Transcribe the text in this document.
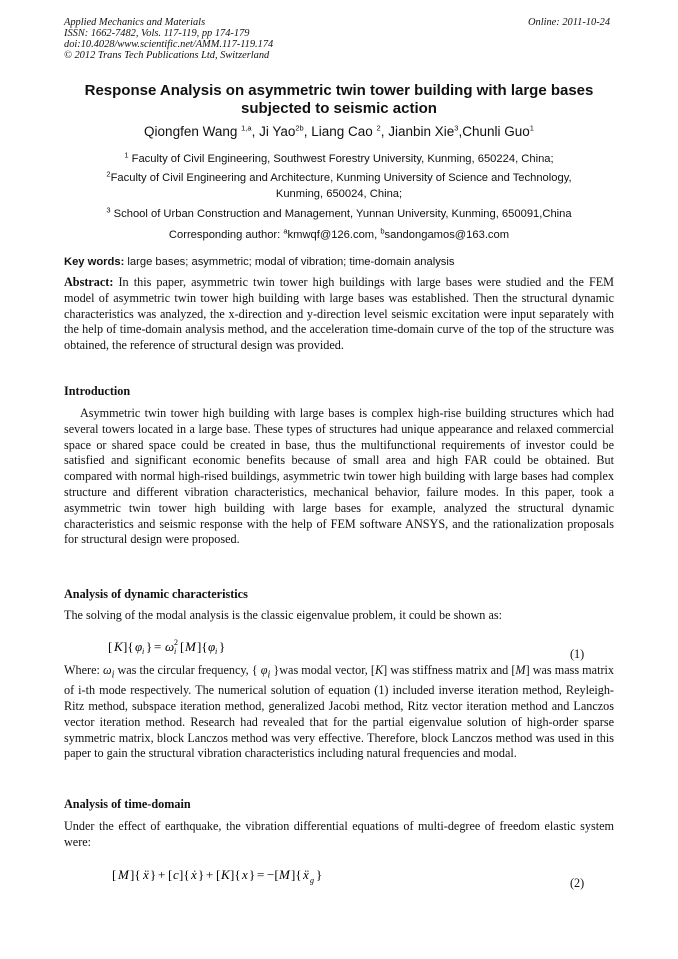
Applied Mechanics and Materials	Online: 2011-10-24
ISSN: 1662-7482, Vols. 117-119, pp 174-179
doi:10.4028/www.scientific.net/AMM.117-119.174
© 2012 Trans Tech Publications Ltd, Switzerland
Response Analysis on asymmetric twin tower building with large bases
subjected to seismic action
Qiongfen Wang $^{1,a}$, Ji Yao$^{2b}$, Liang Cao $^2$, Jianbin Xie$^3$,Chunli Guo$^1$
$^1$ Faculty of Civil Engineering, Southwest Forestry University, Kunming, 650224, China;
$^2$Faculty of Civil Engineering and Architecture, Kunming University of Science and Technology,
Kunming, 650024, China;
$^3$ School of Urban Construction and Management, Yunnan University, Kunming, 650091,China
Corresponding author: $^a$kmwqf@126.com, $^b$sandongamos@163.com
Key words: large bases; asymmetric; modal of vibration; time-domain analysis
Abstract: In this paper, asymmetric twin tower high buildings with large bases were studied and the FEM model of asymmetric twin tower high building with large bases was established. Then the structural dynamic characteristics was analyzed, the x-direction and y-direction level seismic excitation were input separately with the help of time-domain analysis method, and the acceleration time-domain curve of the top of the structure was obtained, the reference of structural design was provided.
Introduction
Asymmetric twin tower high building with large bases is complex high-rise building structures which had several towers located in a large base. These types of structures had unique appearance and relaxed commercial space or shared space could be created in base, thus the multifunctional requirements of investor could be satisfied and significant economic benefits because of small area and high FAR could be obtained. But compared with normal high-rised buildings, asymmetric twin tower high building with large bases had complex structure and different vibration characteristics, mechanical behavior, failure modes. In this paper, took a asymmetric twin tower high building with large bases for example, analyzed the structural dynamic characteristics and seismic response with the help of FEM software ANSYS, and the rationalization proposals for structural design were proposed.
Analysis of dynamic characteristics
The solving of the modal analysis is the classic eigenvalue problem, it could be shown as:
[ K ]{ φ i } = ω 2
i [ M ]{ φ i }	(1)
Where: $\omega_i$ was the circular frequency, { $\varphi_i$ }was modal vector, [K] was stiffness matrix and [M] was mass matrix of i-th mode respectively. The numerical solution of equation (1) included inverse iteration method, Reyleigh-Ritz method, subspace iteration method, generalized Jacobi method, Ritz vector iteration method and Lanczos vector iteration method. Research had revealed that for the partial eigenvalue solution of high-order sparse symmetric matrix, block Lanczos method was very effective. Therefore, block Lanczos method was used in this paper to gain the structural vibration characteristics including natural frequencies and modal.
Analysis of time-domain
Under the effect of earthquake, the vibration differential equations of multi-degree of freedom elastic system were:
[ M ]{ ẍ } + [ c ]{ ẋ } + [ K ]{ x } = −[ M ]{ ẍ g }
(2)
